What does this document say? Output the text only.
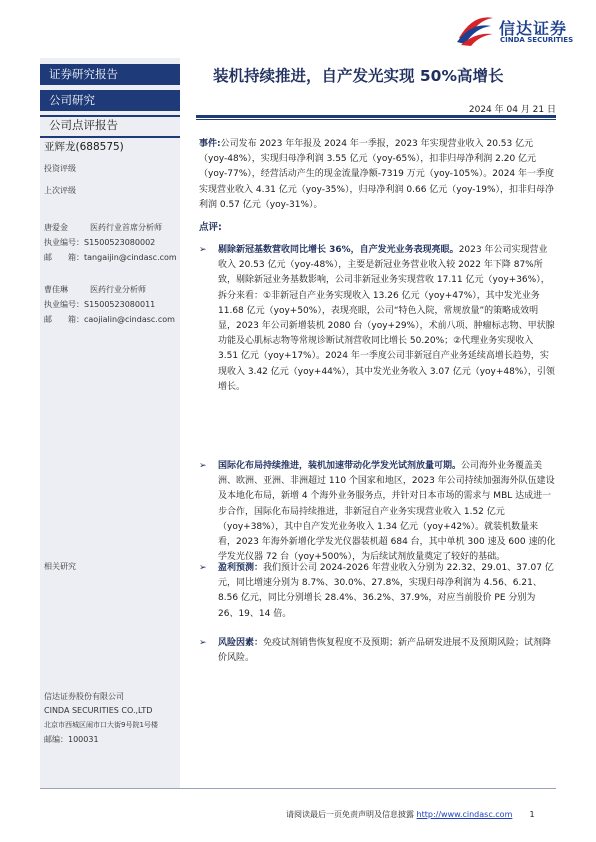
信达证券
CINDA SECURITIES
证券研究报告
公司研究
公司点评报告
亚辉龙(688575)
投资评级
上次评级
唐爱金	医药行业首席分析师
执业编号：S1500523080002
邮　　箱：tangaijin@cindasc.com
曹佳琳	医药行业分析师
执业编号：S1500523080011
邮　　箱：caojialin@cindasc.com
相关研究
信达证券股份有限公司
CINDA SECURITIES CO.,LTD
北京市西城区闹市口大街9号院1号楼
邮编：100031
装机持续推进，自产发光实现 50%高增长
2024 年 04 月 21 日
事件:公司发布 2023 年年报及 2024 年一季报，2023 年实现营业收入 20.53 亿元（yoy-48%），实现归母净利润 3.55 亿元（yoy-65%），扣非归母净利润 2.20 亿元（yoy-77%），经营活动产生的现金流量净额-7319 万元（yoy-105%）。2024 年一季度实现营业收入 4.31 亿元（yoy-35%），归母净利润 0.66 亿元（yoy-19%），扣非归母净利润 0.57 亿元（yoy-31%）。
点评:
➢ 剔除新冠基数营收同比增长 36%，自产发光业务表现亮眼。2023 年公司实现营业收入 20.53 亿元（yoy-48%），主要是新冠业务营业收入较 2022 年下降 87%所致，剔除新冠业务基数影响，公司非新冠业务实现营收 17.11 亿元（yoy+36%），拆分来看：①非新冠自产业务实现收入 13.26 亿元（yoy+47%），其中发光业务 11.68 亿元（yoy+50%），表现亮眼，公司“特色入院，常规放量”的策略成效明显，2023 年公司新增装机 2080 台（yoy+29%），术前八项、肿瘤标志物、甲状腺功能及心肌标志物等常规诊断试剂营收同比增长 50.20%；②代理业务实现收入 3.51 亿元（yoy+17%）。2024 年一季度公司非新冠自产业务延续高增长趋势，实现收入 3.42 亿元（yoy+44%），其中发光业务收入 3.07 亿元（yoy+48%），引领增长。
➢ 国际化布局持续推进，装机加速带动化学发光试剂放量可期。公司海外业务覆盖美洲、欧洲、亚洲、非洲超过 110 个国家和地区，2023 年公司持续加强海外队伍建设及本地化布局，新增 4 个海外业务服务点，并针对日本市场的需求与 MBL 达成进一步合作，国际化布局持续推进，非新冠自产业务实现营业收入 1.52 亿元（yoy+38%），其中自产发光业务收入 1.34 亿元（yoy+42%）。就装机数量来看，2023 年海外新增化学发光仪器装机超 684 台，其中单机 300 速及 600 速的化学发光仪器 72 台（yoy+500%），为后续试剂放量奠定了较好的基础。
➢ 盈利预测：我们预计公司 2024-2026 年营业收入分别为 22.32、29.01、37.07 亿元，同比增速分别为 8.7%、30.0%、27.8%，实现归母净利润为 4.56、6.21、8.56 亿元，同比分别增长 28.4%、36.2%、37.9%，对应当前股价 PE 分别为 26、19、14 倍。
➢ 风险因素：免疫试剂销售恢复程度不及预期；新产品研发进展不及预期风险；试剂降价风险。
请阅读最后一页免责声明及信息披露 http://www.cindasc.com 1
